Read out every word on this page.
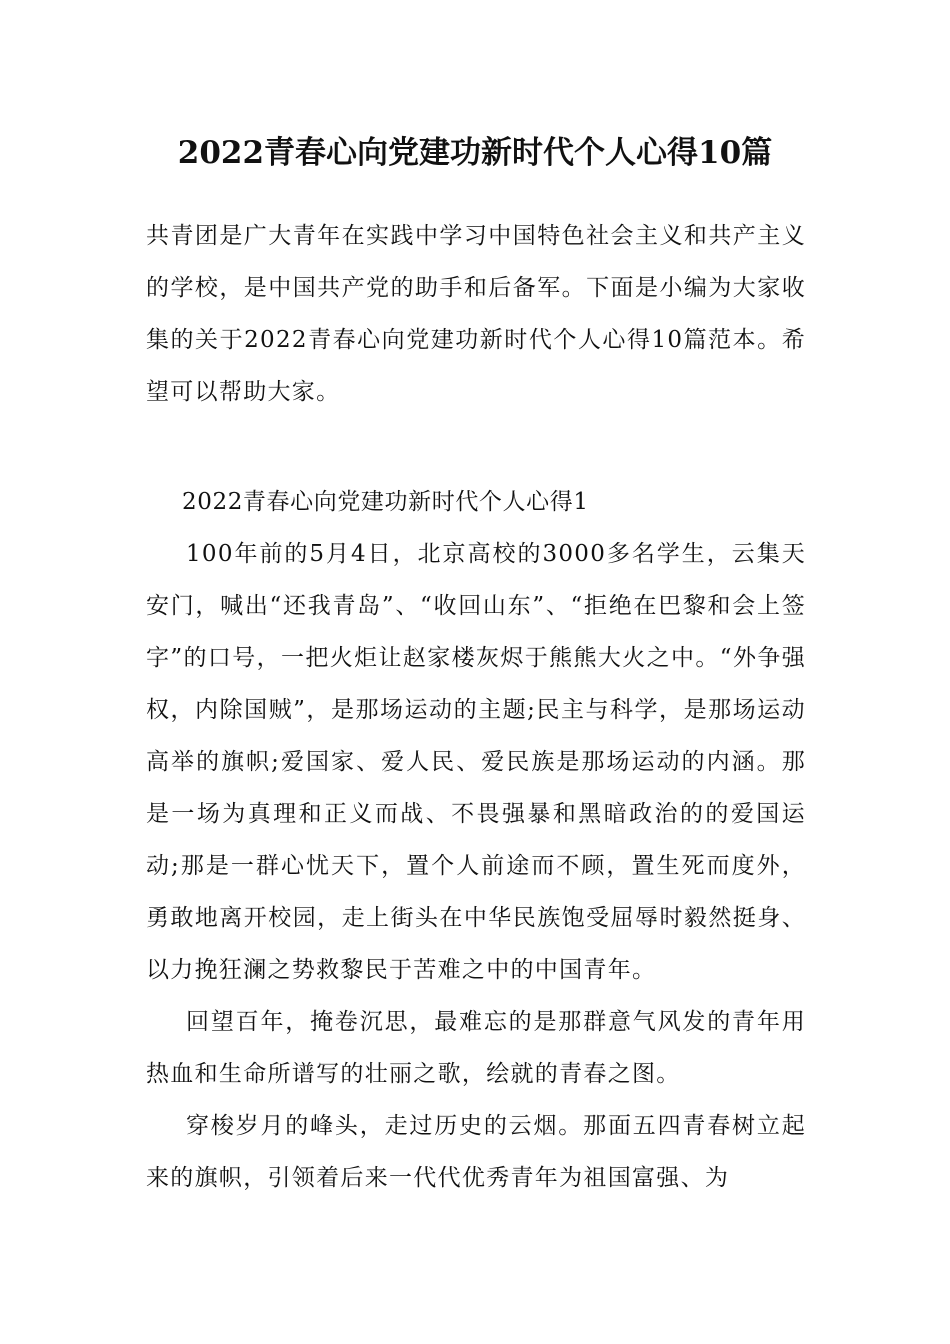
2022青春心向党建功新时代个人心得10篇

共青团是广大青年在实践中学习中国特色社会主义和共产主义的学校，是中国共产党的助手和后备军。下面是小编为大家收集的关于2022青春心向党建功新时代个人心得10篇范本。希望可以帮助大家。

2022青春心向党建功新时代个人心得1

100年前的5月4日，北京高校的3000多名学生，云集天安门，喊出“还我青岛”、“收回山东”、“拒绝在巴黎和会上签字”的口号，一把火炬让赵家楼灰烬于熊熊大火之中。“外争强权，内除国贼”，是那场运动的主题;民主与科学，是那场运动高举的旗帜;爱国家、爱人民、爱民族是那场运动的内涵。那是一场为真理和正义而战、不畏强暴和黑暗政治的的爱国运动;那是一群心忧天下，置个人前途而不顾，置生死而度外，勇敢地离开校园，走上街头在中华民族饱受屈辱时毅然挺身、以力挽狂澜之势救黎民于苦难之中的中国青年。

回望百年，掩卷沉思，最难忘的是那群意气风发的青年用热血和生命所谱写的壮丽之歌，绘就的青春之图。

穿梭岁月的峰头，走过历史的云烟。那面五四青春树立起来的旗帜，引领着后来一代代优秀青年为祖国富强、为
